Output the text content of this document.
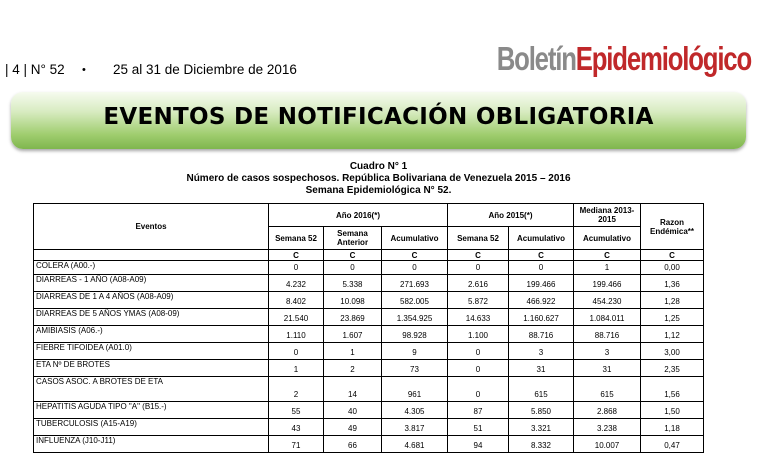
| 4 | N° 52 • 25 al 31 de Diciembre de 2016	BoletínEpidemiológico
EVENTOS DE NOTIFICACIÓN OBLIGATORIA
Cuadro N° 1
Número de casos sospechosos. República Bolivariana de Venezuela 2015 – 2016
Semana Epidemiológica N° 52.
Eventos	Año 2016(*)			Año 2015(*)		Mediana 2013-2015	Razon Endémica**
	Semana 52	Semana Anterior	Acumulativo	Semana 52	Acumulativo	Acumulativo	
	C	C	C	C	C	C	C
COLERA (A00.-)	0	0	0	0	0	1	0,00
DIARREAS - 1 AÑO (A08-A09)	4.232	5.338	271.693	2.616	199.466	199.466	1,36
DIARREAS DE 1 A 4 AÑOS (A08-A09)	8.402	10.098	582.005	5.872	466.922	454.230	1,28
DIARREAS DE 5 AÑOS YMAS (A08-09)	21.540	23.869	1.354.925	14.633	1.160.627	1.084.011	1,25
AMIBIASIS (A06.-)	1.110	1.607	98.928	1.100	88.716	88.716	1,12
FIEBRE TIFOIDEA (A01.0)	0	1	9	0	3	3	3,00
ETA Nº DE BROTES	1	2	73	0	31	31	2,35
CASOS ASOC. A BROTES DE ETA	2	14	961	0	615	615	1,56
HEPATITIS AGUDA TIPO "A" (B15.-)	55	40	4.305	87	5.850	2.868	1,50
TUBERCULOSIS (A15-A19)	43	49	3.817	51	3.321	3.238	1,18
INFLUENZA (J10-J11)	71	66	4.681	94	8.332	10.007	0,47
